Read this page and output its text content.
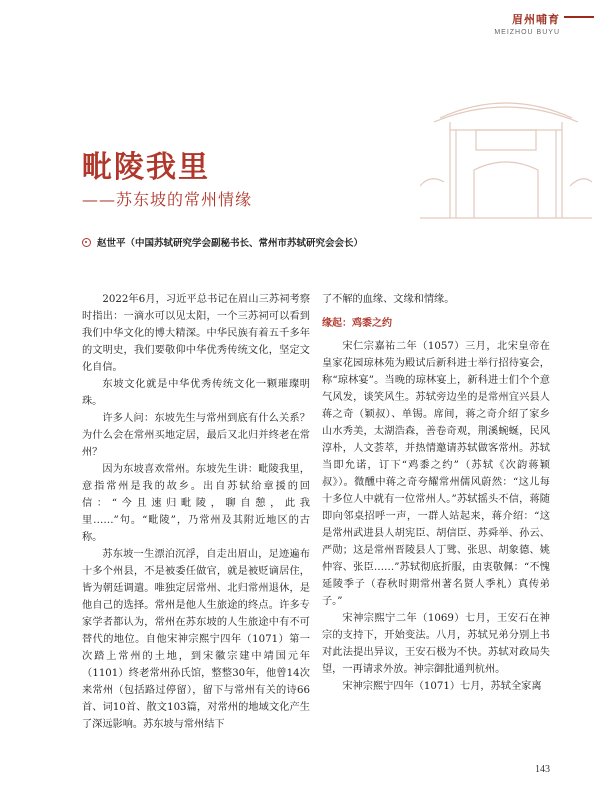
眉州哺育
MEIZHOU BUYU
毗陵我里
——苏东坡的常州情缘
赵世平（中国苏轼研究学会副秘书长、常州市苏轼研究会会长）

2022年6月，习近平总书记在眉山三苏祠考察时指出：一滴水可以见太阳，一个三苏祠可以看到我们中华文化的博大精深。中华民族有着五千多年的文明史，我们要敬仰中华优秀传统文化，坚定文化自信。

东坡文化就是中华优秀传统文化一颗璀璨明珠。

许多人问：东坡先生与常州到底有什么关系？为什么会在常州买地定居，最后又北归并终老在常州？

因为东坡喜欢常州。东坡先生讲：毗陵我里，意指常州是我的故乡。出自苏轼给章援的回信：“今且速归毗陵，聊自憩，此我里……”句。“毗陵”，乃常州及其附近地区的古称。

苏东坡一生漂泊沉浮，自走出眉山，足迹遍布十多个州县，不是被委任做官，就是被贬谪居住，皆为朝廷调遣。唯独定居常州、北归常州退休，是他自己的选择。常州是他人生旅途的终点。许多专家学者都认为，常州在苏东坡的人生旅途中有不可替代的地位。自他宋神宗熙宁四年（1071）第一次踏上常州的土地，到宋徽宗建中靖国元年（1101）终老常州孙氏馆，整整30年，他曾14次来常州（包括路过停留），留下与常州有关的诗66首、词10首、散文103篇，对常州的地域文化产生了深远影响。苏东坡与常州结下

了不解的血缘、文缘和情缘。

缘起：鸡黍之约

宋仁宗嘉祐二年（1057）三月，北宋皇帝在皇家花园琼林苑为殿试后新科进士举行招待宴会，称“琼林宴”。当晚的琼林宴上，新科进士们个个意气风发，谈笑风生。苏轼旁边坐的是常州宜兴县人蒋之奇（颖叔）、单锡。席间，蒋之奇介绍了家乡山水秀美，太湖浩森，善卷奇观，荆溪蜿蜒，民风淳朴，人文荟萃，并热情邀请苏轼做客常州。苏轼当即允诺，订下“鸡黍之约”（苏轼《次韵蒋颖叔》）。微醺中蒋之奇夸耀常州儒风蔚然：“这儿每十多位人中就有一位常州人。”苏轼摇头不信，蒋随即向邻桌招呼一声，一群人站起来，蒋介绍：“这是常州武进县人胡宪臣、胡信臣、苏舜举、孙云、严勋；这是常州晋陵县人丁骘、张思、胡象德、姚仲容、张臣……”苏轼彻底折服，由衷敬佩：“不愧延陵季子（春秋时期常州著名贤人季札）真传弟子。”

宋神宗熙宁二年（1069）七月，王安石在神宗的支持下，开始变法。八月，苏轼兄弟分别上书对此法提出异议，王安石极为不快。苏轼对政局失望，一再请求外放。神宗御批通判杭州。

宋神宗熙宁四年（1071）七月，苏轼全家离

143
